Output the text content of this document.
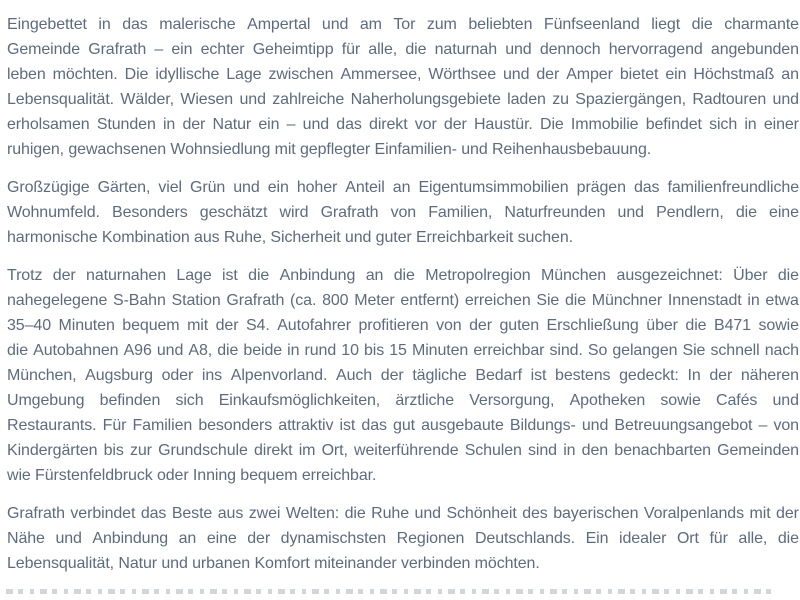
Eingebettet in das malerische Ampertal und am Tor zum beliebten Fünfseenland liegt die charmante
Gemeinde Grafrath – ein echter Geheimtipp für alle, die naturnah und dennoch hervorragend angebunden
leben möchten. Die idyllische Lage zwischen Ammersee, Wörthsee und der Amper bietet ein Höchstmaß an
Lebensqualität. Wälder, Wiesen und zahlreiche Naherholungsgebiete laden zu Spaziergängen, Radtouren und
erholsamen Stunden in der Natur ein – und das direkt vor der Haustür. Die Immobilie befindet sich in einer
ruhigen, gewachsenen Wohnsiedlung mit gepflegter Einfamilien- und Reihenhausbebauung.

Großzügige Gärten, viel Grün und ein hoher Anteil an Eigentumsimmobilien prägen das familienfreundliche
Wohnumfeld. Besonders geschätzt wird Grafrath von Familien, Naturfreunden und Pendlern, die eine
harmonische Kombination aus Ruhe, Sicherheit und guter Erreichbarkeit suchen.

Trotz der naturnahen Lage ist die Anbindung an die Metropolregion München ausgezeichnet: Über die
nahegelegene S-Bahn Station Grafrath (ca. 800 Meter entfernt) erreichen Sie die Münchner Innenstadt in etwa
35–40 Minuten bequem mit der S4. Autofahrer profitieren von der guten Erschließung über die B471 sowie
die Autobahnen A96 und A8, die beide in rund 10 bis 15 Minuten erreichbar sind. So gelangen Sie schnell nach
München, Augsburg oder ins Alpenvorland. Auch der tägliche Bedarf ist bestens gedeckt: In der näheren
Umgebung befinden sich Einkaufsmöglichkeiten, ärztliche Versorgung, Apotheken sowie Cafés und
Restaurants. Für Familien besonders attraktiv ist das gut ausgebaute Bildungs- und Betreuungsangebot – von
Kindergärten bis zur Grundschule direkt im Ort, weiterführende Schulen sind in den benachbarten Gemeinden
wie Fürstenfeldbruck oder Inning bequem erreichbar.

Grafrath verbindet das Beste aus zwei Welten: die Ruhe und Schönheit des bayerischen Voralpenlands mit der
Nähe und Anbindung an eine der dynamischsten Regionen Deutschlands. Ein idealer Ort für alle, die
Lebensqualität, Natur und urbanen Komfort miteinander verbinden möchten.
